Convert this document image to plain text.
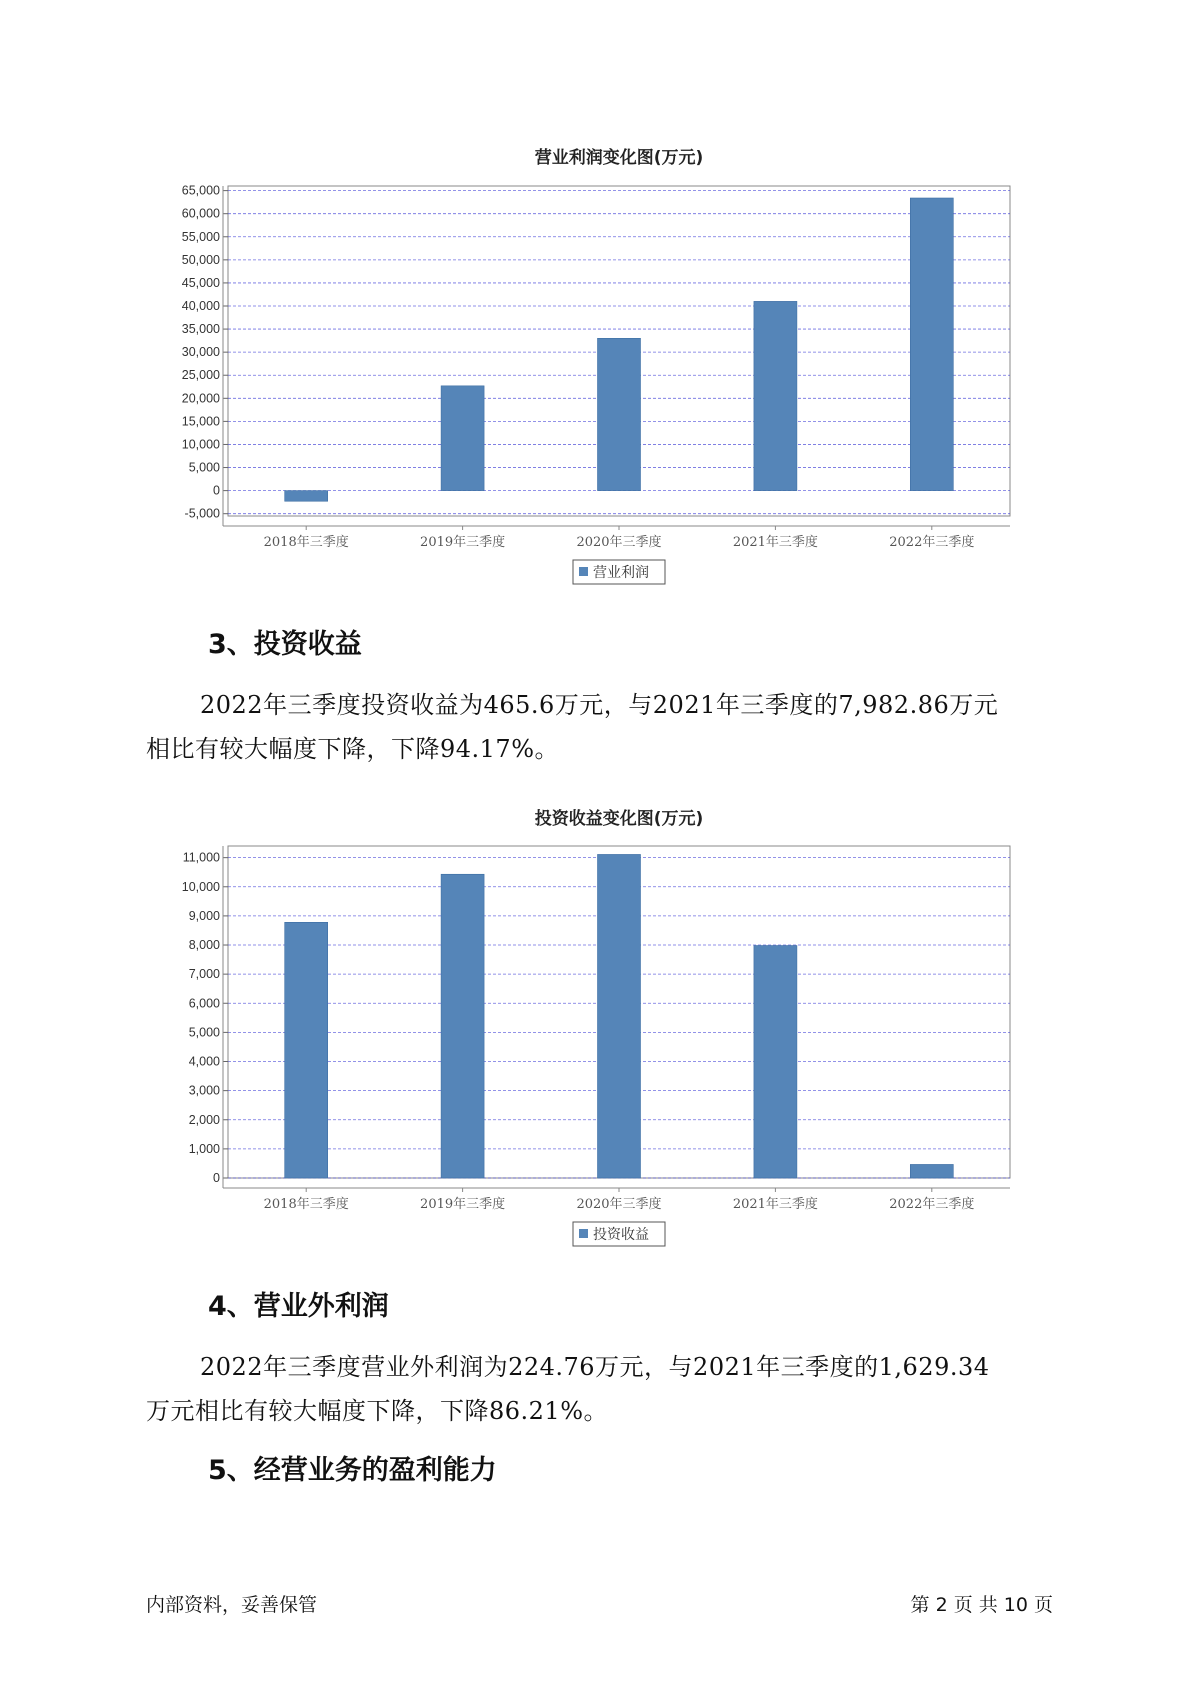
营业利润变化图(万元)
65,000
60,000
55,000
50,000
45,000
40,000
35,000
30,000
25,000
20,000
15,000
10,000
5,000
0
-5,000
2018年三季度	2019年三季度	2020年三季度	2021年三季度	2022年三季度
营业利润
投资收益变化图(万元)
11,000
10,000
9,000
8,000
7,000
6,000
5,000
4,000
3,000
2,000
1,000
0
2018年三季度	2019年三季度	2020年三季度	2021年三季度	2022年三季度
投资收益
3、投资收益

2022年三季度投资收益为465.6万元，与2021年三季度的7,982.86万元
相比有较大幅度下降，下降94.17%。

4、营业外利润

2022年三季度营业外利润为224.76万元，与2021年三季度的1,629.34
万元相比有较大幅度下降，下降86.21%。

5、经营业务的盈利能力
内部资料，妥善保管	第 2 页 共 10 页
